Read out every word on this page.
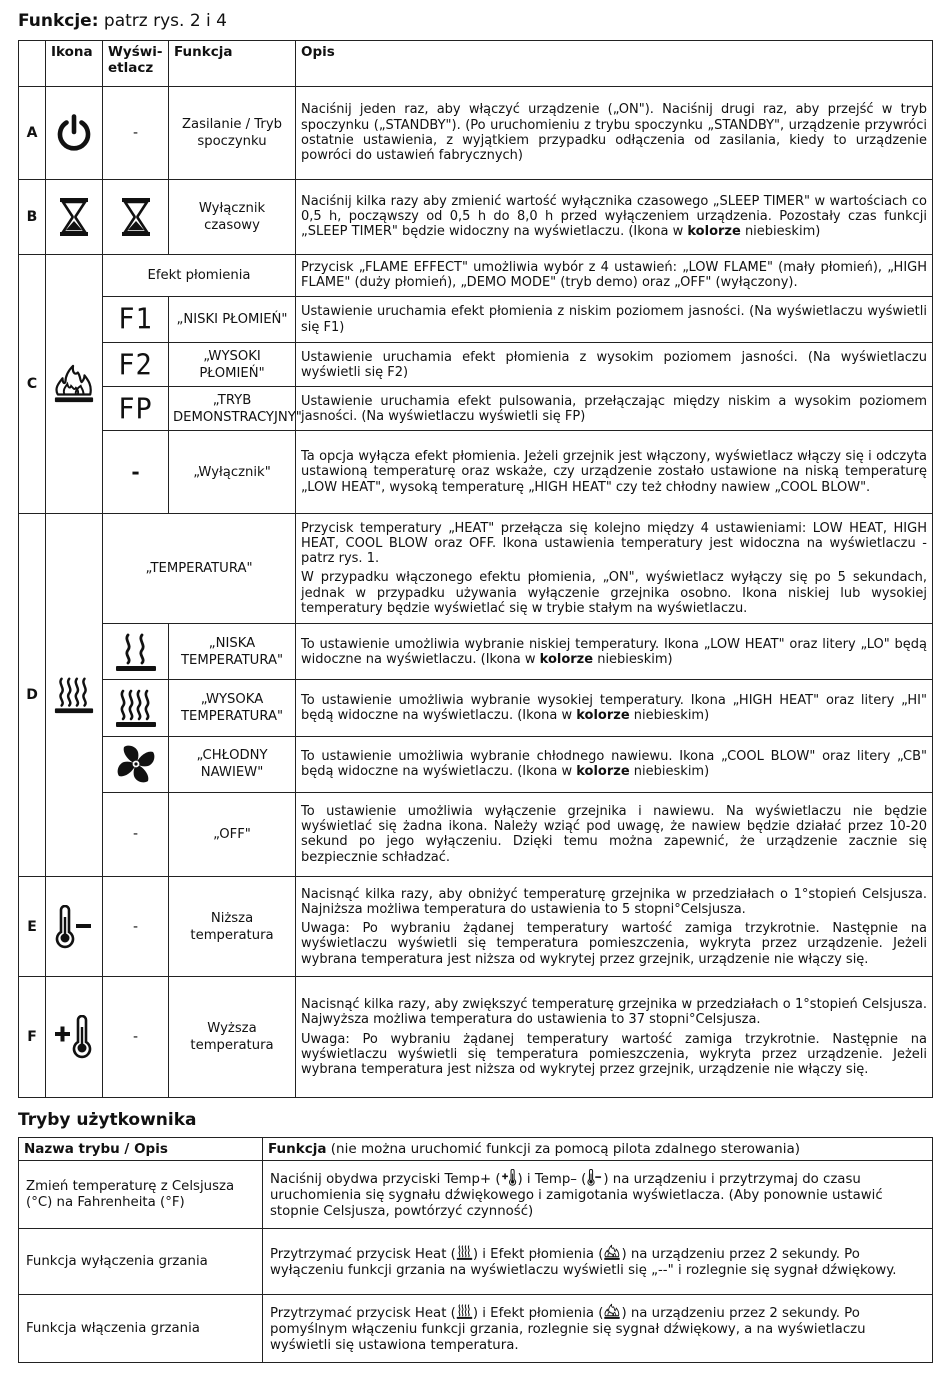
Funkcje: patrz rys. 2 i 4
	Ikona	Wyświ-etlacz	Funkcja	Opis
A		-	Zasilanie / Tryb spoczynku	Naciśnij jeden raz, aby włączyć urządzenie („ON"). Naciśnij drugi raz, aby przejść w tryb spoczynku („STANDBY"). (Po uruchomieniu z trybu spoczynku „STANDBY", urządzenie przywróci ostatnie ustawienia, z wyjątkiem przypadku odłączenia od zasilania, kiedy to urządzenie powróci do ustawień fabrycznych)

B			Wyłącznik czasowy	Naciśnij kilka razy aby zmienić wartość wyłącznika czasowego „SLEEP TIMER" w wartościach co 0,5 h, począwszy od 0,5 h do 8,0 h przed wyłączeniem urządzenia. Pozostały czas funkcji „SLEEP TIMER" będzie widoczny na wyświetlaczu. (Ikona w kolorze niebieskim)

C		Efekt płomienia		Przycisk „FLAME EFFECT" umożliwia wybór z 4 ustawień: „LOW FLAME" (mały płomień), „HIGH FLAME" (duży płomień), „DEMO MODE" (tryb demo) oraz „OFF" (wyłączony).

		F1	„NISKI PŁOMIEŃ"	Ustawienie uruchamia efekt płomienia z niskim poziomem jasności. (Na wyświetlaczu wyświetli się F1)

		F2	„WYSOKI PŁOMIEŃ"	Ustawienie uruchamia efekt płomienia z wysokim poziomem jasności. (Na wyświetlaczu wyświetli się F2)

		FP	„TRYB DEMONSTRACYJNY"	Ustawienie uruchamia efekt pulsowania, przełączając między niskim a wysokim poziomem jasności. (Na wyświetlaczu wyświetli się FP)

		-	„Wyłącznik"	Ta opcja wyłącza efekt płomienia. Jeżeli grzejnik jest włączony, wyświetlacz włączy się i odczyta ustawioną temperaturę oraz wskaże, czy urządzenie zostało ustawione na niską temperaturę „LOW HEAT", wysoką temperaturę „HIGH HEAT" czy też chłodny nawiew „COOL BLOW".

D		„TEMPERATURA"		Przycisk temperatury „HEAT" przełącza się kolejno między 4 ustawieniami: LOW HEAT, HIGH HEAT, COOL BLOW oraz OFF. Ikona ustawienia temperatury jest widoczna na wyświetlaczu - patrz rys. 1.

W przypadku włączonego efektu płomienia, „ON", wyświetlacz wyłączy się po 5 sekundach, jednak w przypadku używania wyłączenie grzejnika osobno. Ikona niskiej lub wysokiej temperatury będzie wyświetlać się w trybie stałym na wyświetlaczu.

	„NISKA TEMPERATURA"	To ustawienie umożliwia wybranie niskiej temperatury. Ikona „LOW HEAT" oraz litery „LO" będą widoczne na wyświetlaczu. (Ikona w kolorze niebieskim)

	„WYSOKA TEMPERATURA"	To ustawienie umożliwia wybranie wysokiej temperatury. Ikona „HIGH HEAT" oraz litery „HI" będą widoczne na wyświetlaczu. (Ikona w kolorze niebieskim)

	„CHŁODNY NAWIEW"	To ustawienie umożliwia wybranie chłodnego nawiewu. Ikona „COOL BLOW" oraz litery „CB" będą widoczne na wyświetlaczu. (Ikona w kolorze niebieskim)

		-	„OFF"	To ustawienie umożliwia wyłączenie grzejnika i nawiewu. Na wyświetlaczu nie będzie wyświetlać się żadna ikona. Należy wziąć pod uwagę, że nawiew będzie działać przez 10-20 sekund po jego wyłączeniu. Dzięki temu można zapewnić, że urządzenie zacznie się bezpiecznie schładzać.

E		-	Niższa temperatura	Nacisnąć kilka razy, aby obniżyć temperaturę grzejnika w przedziałach o 1°stopień Celsjusza. Najniższa możliwa temperatura do ustawienia to 5 stopni°Celsjusza.

Uwaga: Po wybraniu żądanej temperatury wartość zamiga trzykrotnie. Następnie na wyświetlaczu wyświetli się temperatura pomieszczenia, wykryta przez urządzenie. Jeżeli wybrana temperatura jest niższa od wykrytej przez grzejnik, urządzenie nie włączy się.

F		-	Wyższa temperatura	Nacisnąć kilka razy, aby zwiększyć temperaturę grzejnika w przedziałach o 1°stopień Celsjusza. Najwyższa możliwa temperatura do ustawienia to 37 stopni°Celsjusza.

Uwaga: Po wybraniu żądanej temperatury wartość zamiga trzykrotnie. Następnie na wyświetlaczu wyświetli się temperatura pomieszczenia, wykryta przez urządzenie. Jeżeli wybrana temperatura jest niższa od wykrytej przez grzejnik, urządzenie nie włączy się.

Tryby użytkownika
Nazwa trybu / Opis	Funkcja (nie można uruchomić funkcji za pomocą pilota zdalnego sterowania)
Zmień temperaturę z Celsjusza (°C) na Fahrenheita (°F)	Naciśnij obydwa przyciski Temp+ ( ) i Temp– ( ) na urządzeniu i przytrzymaj do czasu uruchomienia się sygnału dźwiękowego i zamigotania wyświetlacza. (Aby ponownie ustawić stopnie Celsjusza, powtórzyć czynność)
Funkcja wyłączenia grzania	Przytrzymać przycisk Heat ( ) i Efekt płomienia ( ) na urządzeniu przez 2 sekundy. Po wyłączeniu funkcji grzania na wyświetlaczu wyświetli się „--" i rozlegnie się sygnał dźwiękowy.
Funkcja włączenia grzania	Przytrzymać przycisk Heat ( ) i Efekt płomienia ( ) na urządzeniu przez 2 sekundy. Po pomyślnym włączeniu funkcji grzania, rozlegnie się sygnał dźwiękowy, a na wyświetlaczu wyświetli się ustawiona temperatura.
